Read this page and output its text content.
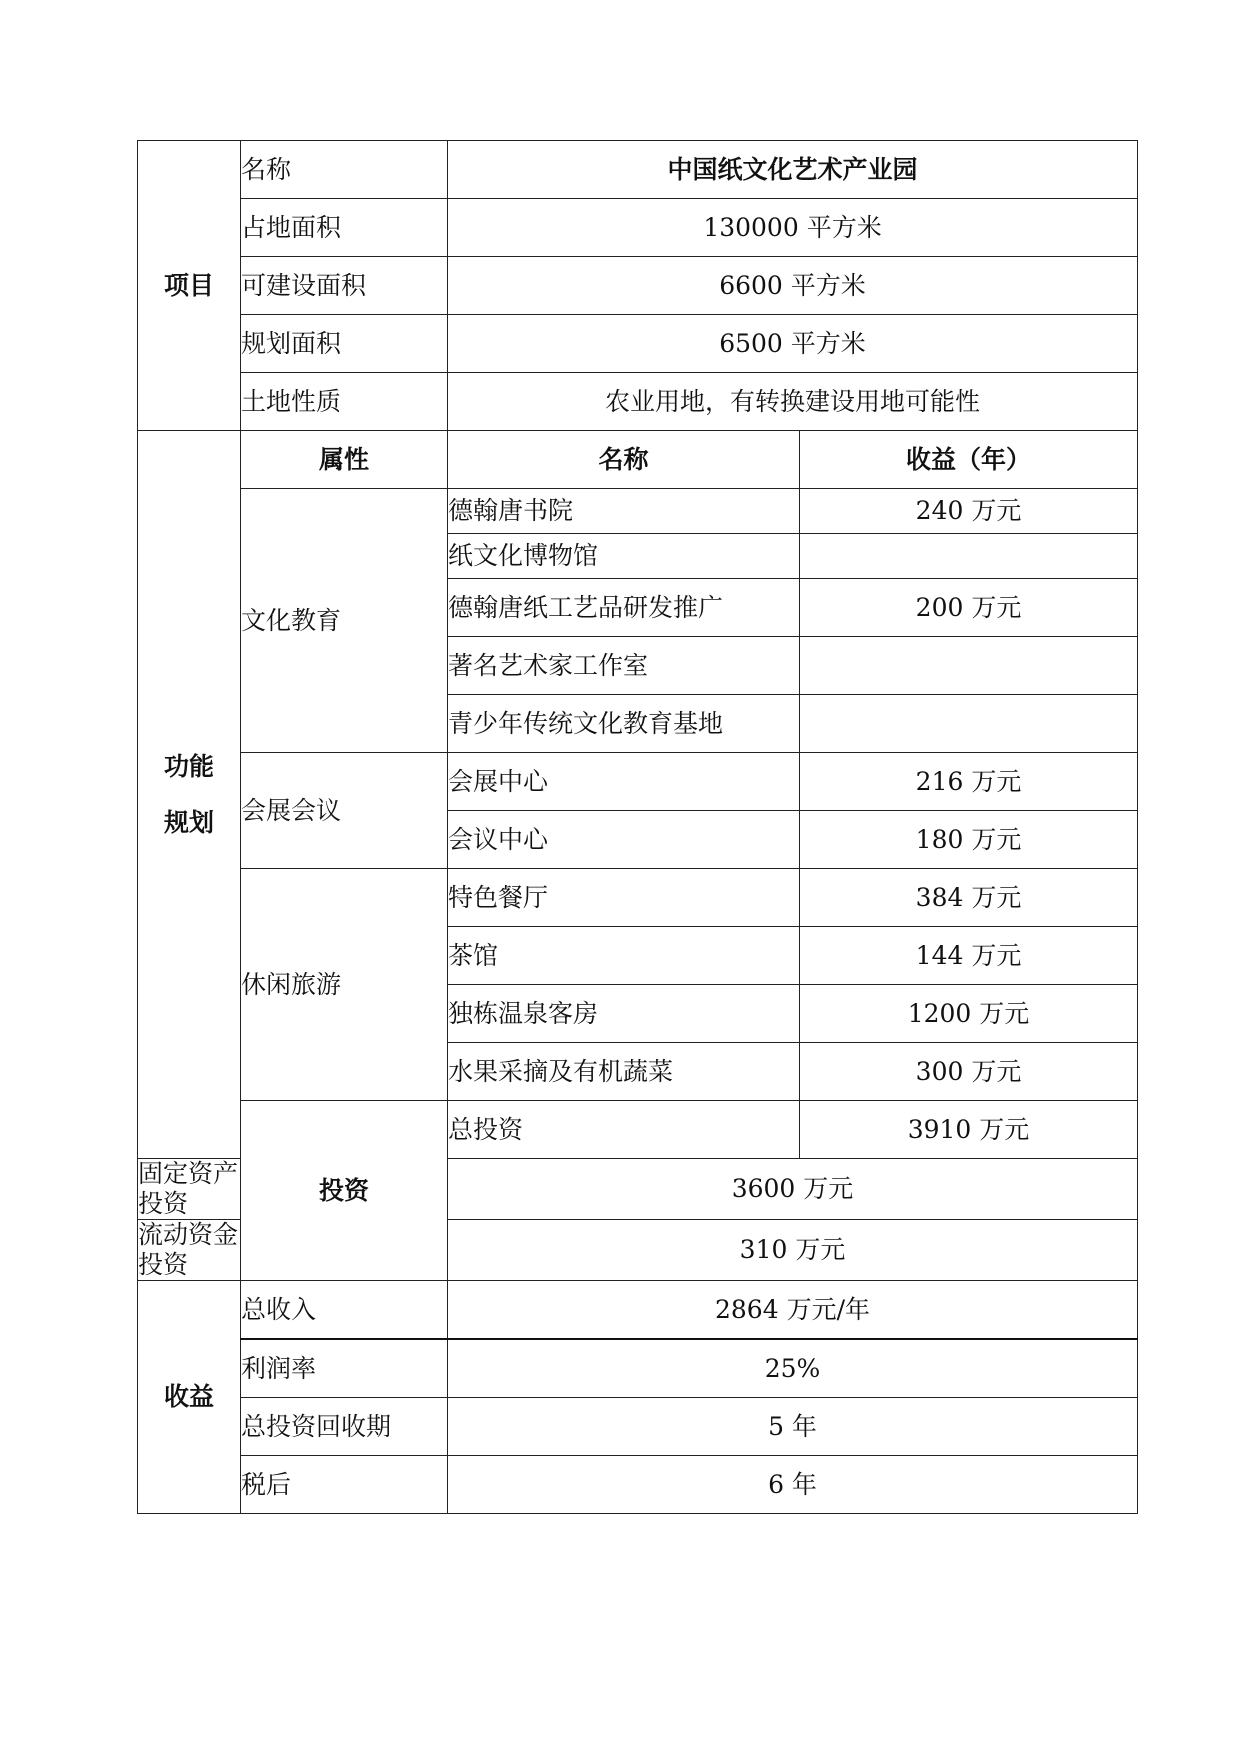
项目	名称	中国纸文化艺术产业园	
	占地面积	130000 平方米	
	可建设面积	6600 平方米	
	规划面积	6500 平方米	
	土地性质	农业用地，有转换建设用地可能性	

功能
规划	属性	名称	收益（年）
	文化教育	德翰唐书院	240 万元
		纸文化博物馆	
		德翰唐纸工艺品研发推广	200 万元
		著名艺术家工作室	
		青少年传统文化教育基地	
	会展会议	会展中心	216 万元
		会议中心	180 万元
	休闲旅游	特色餐厅	384 万元
		茶馆	144 万元
		独栋温泉客房	1200 万元
		水果采摘及有机蔬菜	300 万元
	投资	总投资	3910 万元
固定资产投资		3600 万元	
流动资金投资		310 万元	
收益	总收入	2864 万元/年	
	利润率	25%	
	总投资回收期	5 年	
	税后	6 年	
